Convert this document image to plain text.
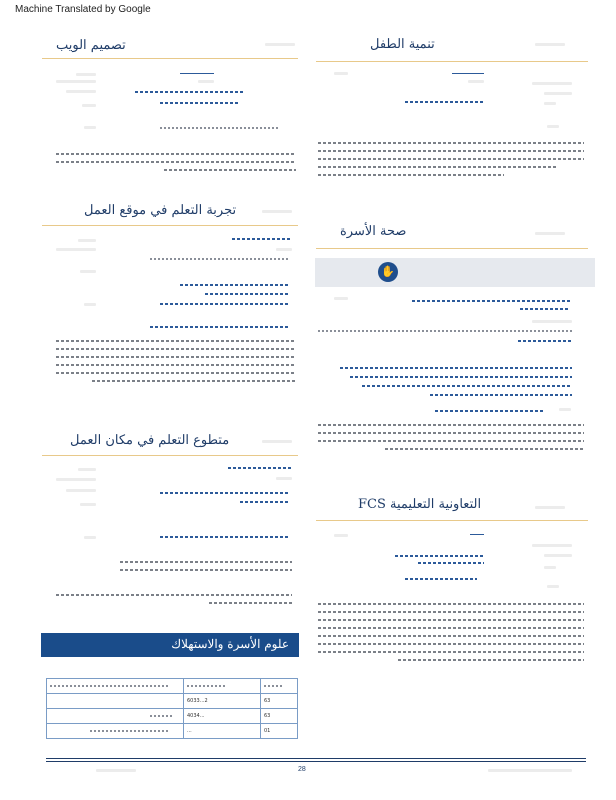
Machine Translated by Google
تصميم الويب
تجربة التعلم في موقع العمل
متطوع التعلم في مكان العمل
علوم الأسرة والاستهلاك

	6033...2	63

	4034...	63

	...	01
تنمية الطفل
صحة الأسرة
✋
FCS التعاونية التعليمية
28
